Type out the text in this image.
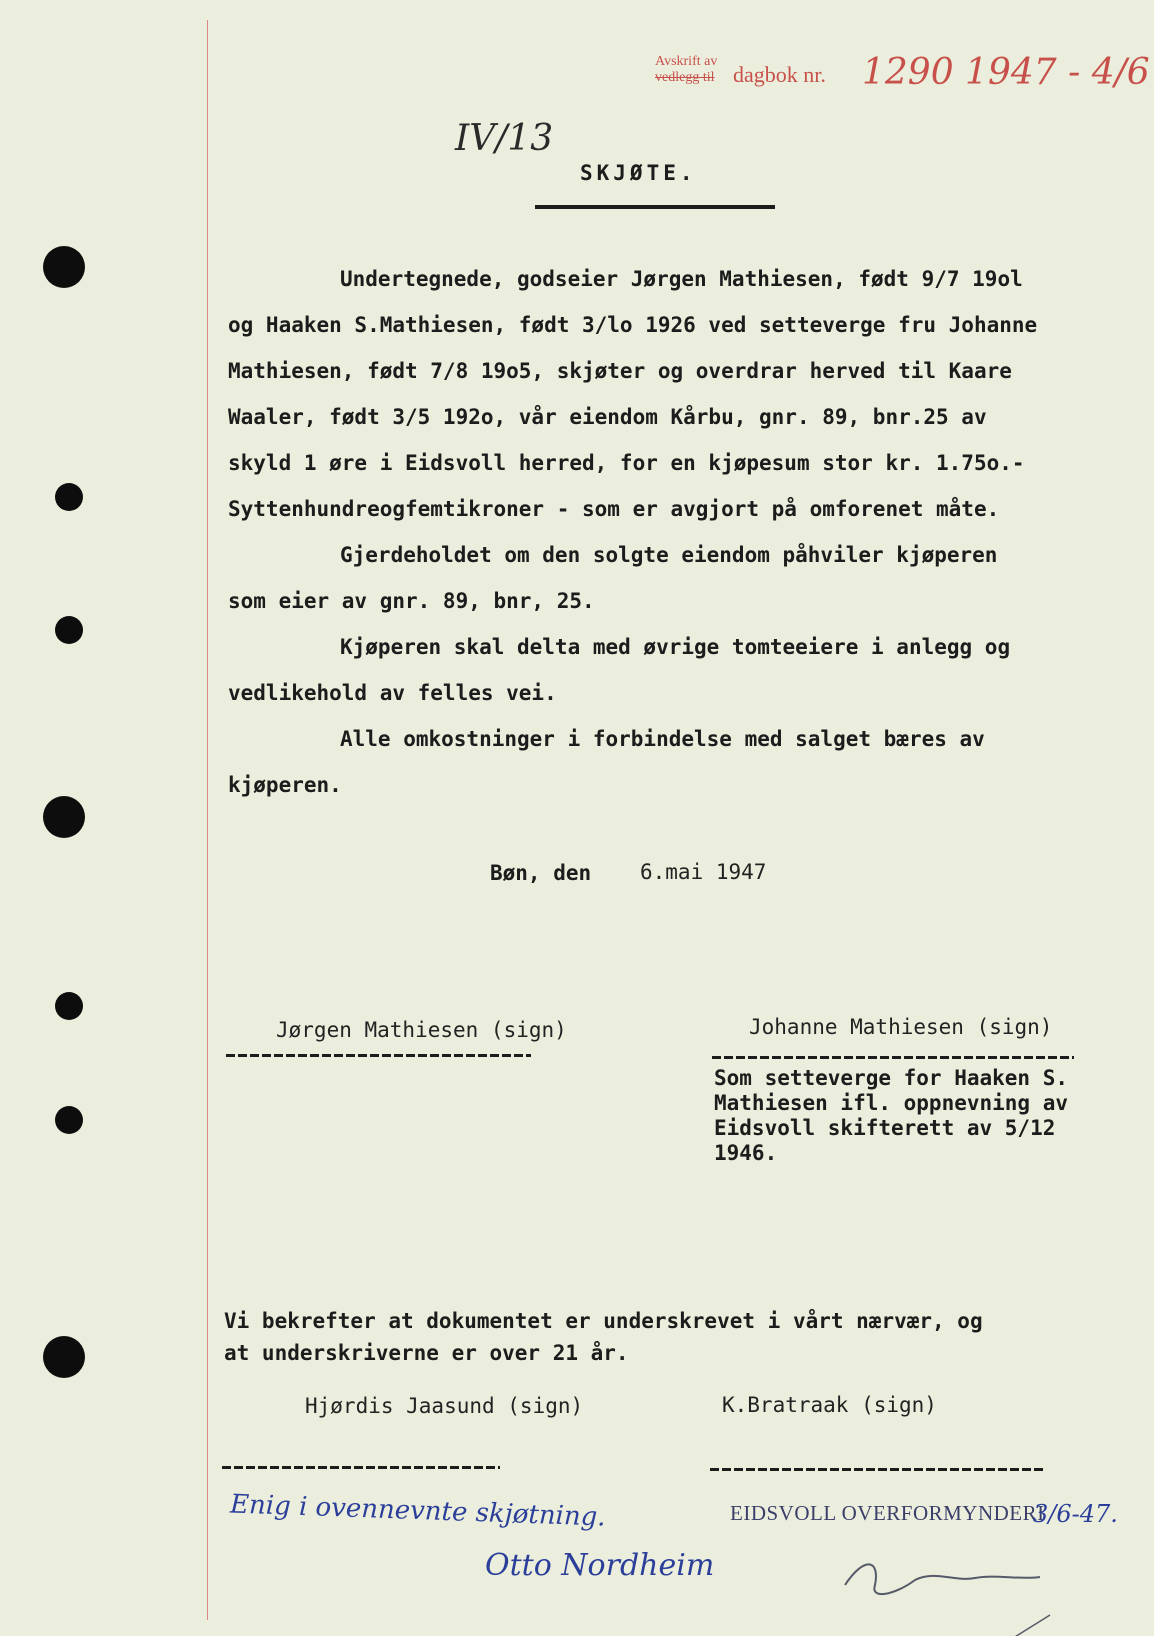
Avskrift av
vedlegg til dagbok nr. 1290 1947 - 4/6
IV/13
SKJØTE.
Undertegnede, godseier Jørgen Mathiesen, født 9/7 19ol
og Haaken S.Mathiesen, født 3/lo 1926 ved setteverge fru Johanne
Mathiesen, født 7/8 19o5, skjøter og overdrar herved til Kaare
Waaler, født 3/5 192o, vår eiendom Kårbu, gnr. 89, bnr.25 av
skyld 1 øre i Eidsvoll herred, for en kjøpesum stor kr. 1.75o.-
Syttenhundreogfemtikroner - som er avgjort på omforenet måte.
Gjerdeholdet om den solgte eiendom påhviler kjøperen
som eier av gnr. 89, bnr, 25.
Kjøperen skal delta med øvrige tomteeiere i anlegg og
vedlikehold av felles vei.
Alle omkostninger i forbindelse med salget bæres av
kjøperen.
Bøn, den 6.mai 1947
Jørgen Mathiesen (sign)	Johanne Mathiesen (sign)
Som setteverge for Haaken S.
Mathiesen ifl. oppnevning av
Eidsvoll skifterett av 5/12
1946.
Vi bekrefter at dokumentet er underskrevet i vårt nærvær, og
at underskriverne er over 21 år.
Hjørdis Jaasund (sign)	K.Bratraak (sign)
Enig i ovennevnte skjøtning.
Otto Nordheim
EIDSVOLL OVERFORMYNDERI
3/6-47.
